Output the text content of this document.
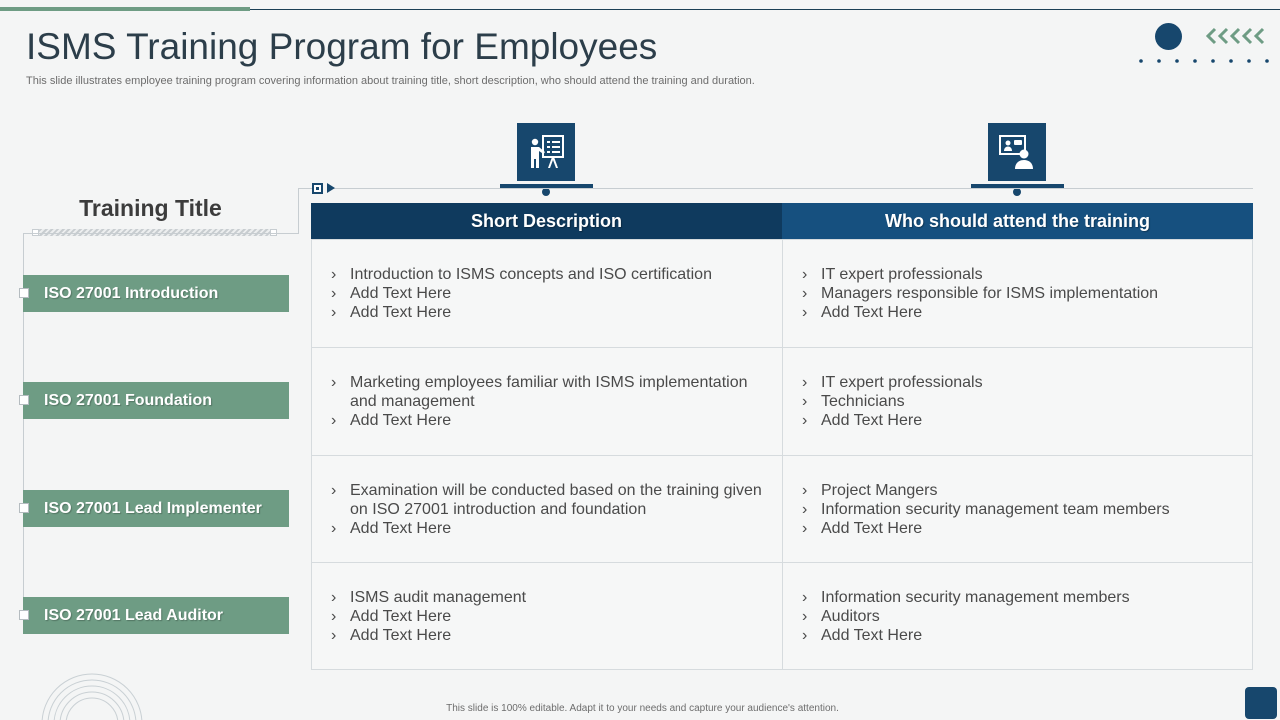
ISMS Training Program for Employees

This slide illustrates employee training program covering information about training title, short description, who should attend the training and duration.

Training Title
ISO 27001 Introduction
ISO 27001 Foundation
ISO 27001 Lead Implementer
ISO 27001 Lead Auditor
Short Description	Who should attend the training
› Introduction to ISMS concepts and ISO certification
› Add Text Here
› Add Text Here
› IT expert professionals
› Managers responsible for ISMS implementation
› Add Text Here
› Marketing employees familiar with ISMS implementation and management
› Add Text Here
› IT expert professionals
› Technicians
› Add Text Here
› Examination will be conducted based on the training given on ISO 27001 introduction and foundation
› Add Text Here
› Project Mangers
› Information security management team members
› Add Text Here
› ISMS audit management
› Add Text Here
› Add Text Here
› Information security management members
› Auditors
› Add Text Here

This slide is 100% editable. Adapt it to your needs and capture your audience's attention.
